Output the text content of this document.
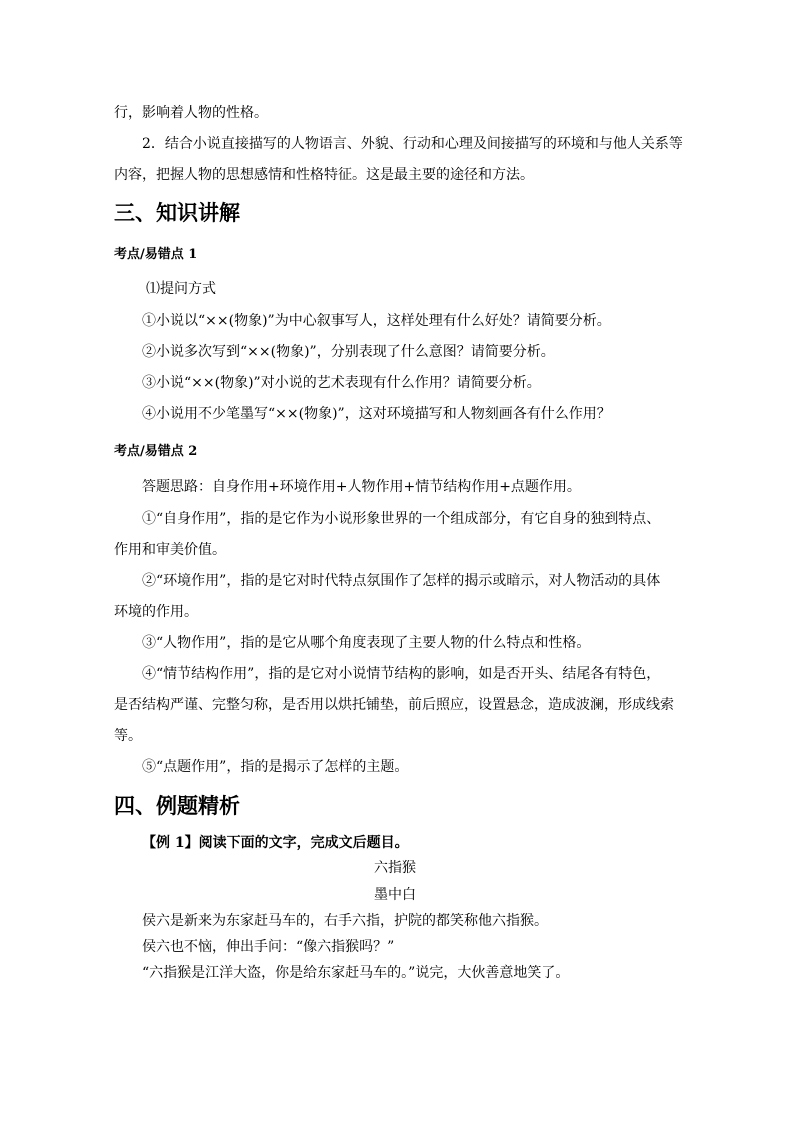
行，影响着人物的性格。
2．结合小说直接描写的人物语言、外貌、行动和心理及间接描写的环境和与他人关系等
内容，把握人物的思想感情和性格特征。这是最主要的途径和方法。
三、知识讲解
考点/易错点 1
⑴提问方式
①小说以“××(物象)”为中心叙事写人，这样处理有什么好处？请简要分析。
②小说多次写到“××(物象)”，分别表现了什么意图？请简要分析。
③小说“××(物象)”对小说的艺术表现有什么作用？请简要分析。
④小说用不少笔墨写“××(物象)”，这对环境描写和人物刻画各有什么作用？
考点/易错点 2
答题思路：自身作用+环境作用+人物作用+情节结构作用+点题作用。
①“自身作用”，指的是它作为小说形象世界的一个组成部分，有它自身的独到特点、
作用和审美价值。
②“环境作用”，指的是它对时代特点氛围作了怎样的揭示或暗示，对人物活动的具体
环境的作用。
③“人物作用”，指的是它从哪个角度表现了主要人物的什么特点和性格。
④“情节结构作用”，指的是它对小说情节结构的影响，如是否开头、结尾各有特色，
是否结构严谨、完整匀称，是否用以烘托铺垫，前后照应，设置悬念，造成波澜，形成线索
等。
⑤“点题作用”，指的是揭示了怎样的主题。
四、例题精析
【例 1】阅读下面的文字，完成文后题目。
六指猴
墨中白
侯六是新来为东家赶马车的，右手六指，护院的都笑称他六指猴。
侯六也不恼，伸出手问：“像六指猴吗？”
“六指猴是江洋大盗，你是给东家赶马车的。”说完，大伙善意地笑了。
